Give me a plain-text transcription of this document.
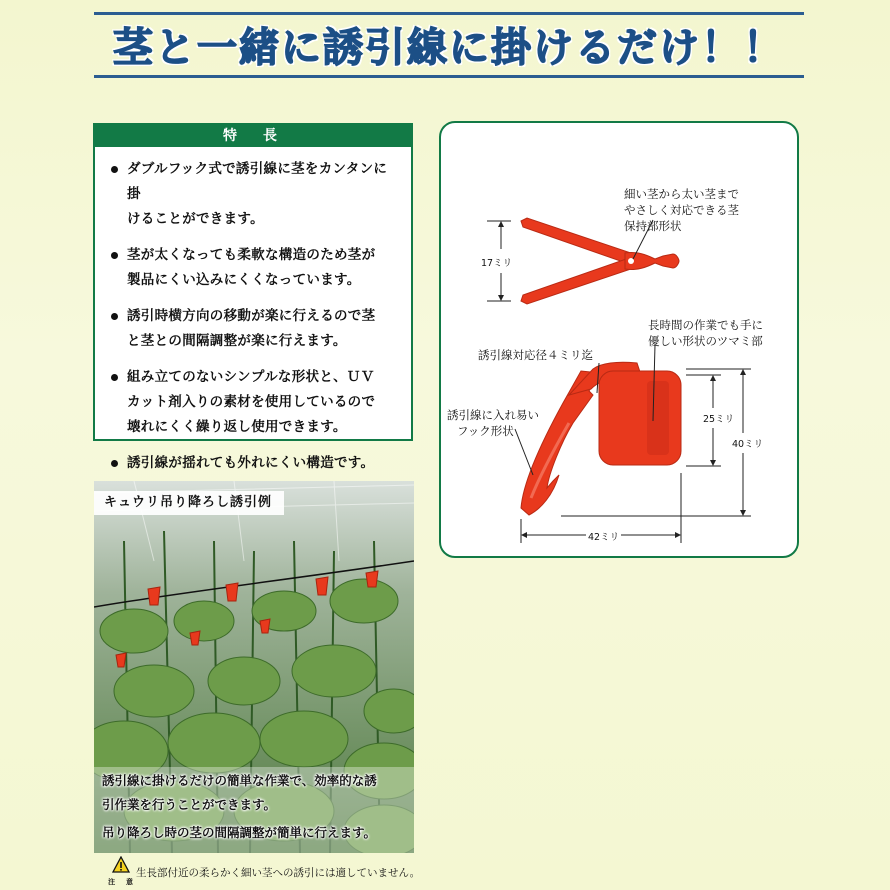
茎と一緒に誘引線に掛けるだけ！！
特　長
ダブルフック式で誘引線に茎をカンタンに掛
けることができます。
茎が太くなっても柔軟な構造のため茎が
製品にくい込みにくくなっています。
誘引時横方向の移動が楽に行えるので茎
と茎との間隔調整が楽に行えます。
組み立てのないシンプルな形状と、ＵＶ
カット剤入りの素材を使用しているので
壊れにくく繰り返し使用できます。
誘引線が揺れても外れにくい構造です。
細い茎から太い茎まで
やさしく対応できる茎
保持部形状
17ミリ
長時間の作業でも手に
優しい形状のツマミ部
誘引線対応径４ミリ迄
誘引線に入れ易い
フック形状
25ミリ
40ミリ
42ミリ
キュウリ吊り降ろし誘引例
誘引線に掛けるだけの簡単な作業で、効率的な誘
引作業を行うことができます。
吊り降ろし時の茎の間隔調整が簡単に行えます。
注　意
生長部付近の柔らかく細い茎への誘引には適していません。
